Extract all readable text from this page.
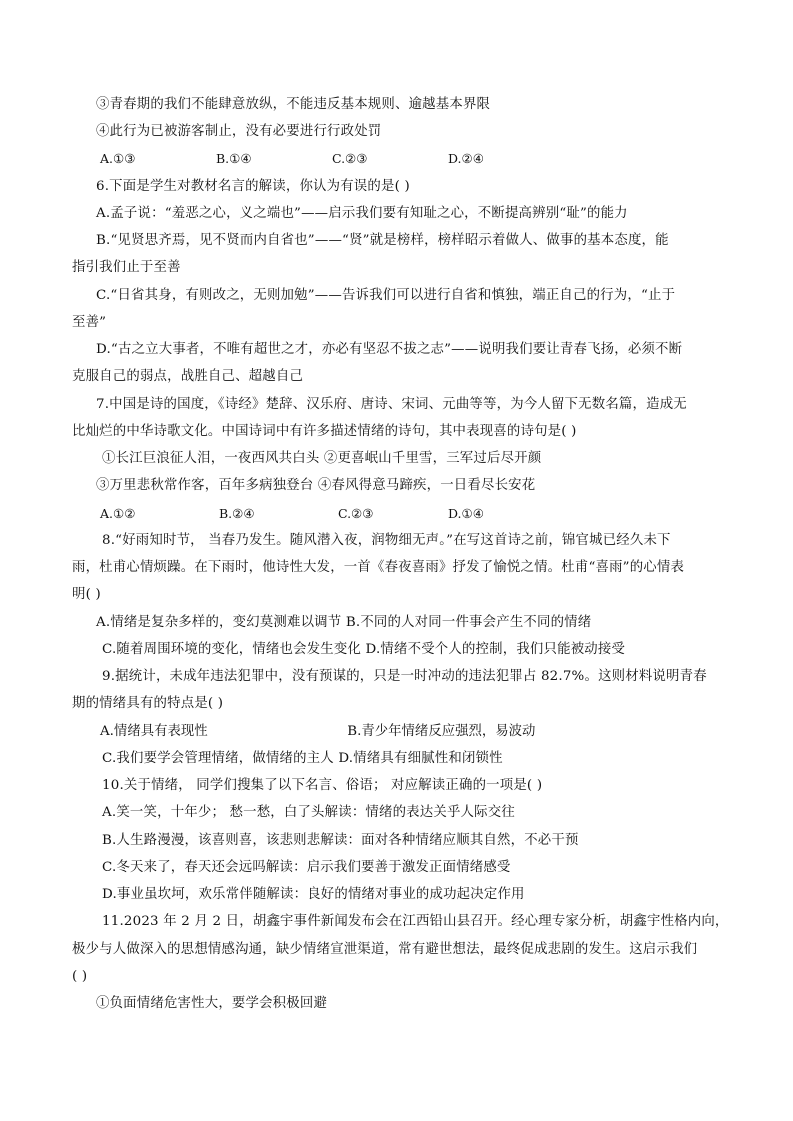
③青春期的我们不能肆意放纵，不能违反基本规则、逾越基本界限
④此行为已被游客制止，没有必要进行行政处罚
A.①③	B.①④	C.②③	D.②④
6.下面是学生对教材名言的解读，你认为有误的是( )
A.孟子说：“羞恶之心，义之端也”——启示我们要有知耻之心，不断提高辨别“耻”的能力
B.“见贤思齐焉，见不贤而内自省也”——“贤”就是榜样，榜样昭示着做人、做事的基本态度，能
指引我们止于至善
C.“日省其身，有则改之，无则加勉”——告诉我们可以进行自省和慎独，端正自己的行为，“止于
至善”
D.“古之立大事者，不唯有超世之才，亦必有坚忍不拔之志”——说明我们要让青春飞扬，必须不断
克服自己的弱点，战胜自己、超越自己
7.中国是诗的国度，《诗经》楚辞、汉乐府、唐诗、宋词、元曲等等，为今人留下无数名篇，造成无
比灿烂的中华诗歌文化。中国诗词中有许多描述情绪的诗句，其中表现喜的诗句是( )
①长江巨浪征人泪，一夜西风共白头 ②更喜岷山千里雪，三军过后尽开颜
③万里悲秋常作客，百年多病独登台 ④春风得意马蹄疾，一日看尽长安花
A.①②	B.②④	C.②③	D.①④
8.“好雨知时节， 当春乃发生。随风潜入夜，润物细无声。”在写这首诗之前，锦官城已经久未下
雨，杜甫心情烦躁。在下雨时，他诗性大发，一首《春夜喜雨》抒发了愉悦之情。杜甫“喜雨”的心情表
明( )
A.情绪是复杂多样的，变幻莫测难以调节 B.不同的人对同一件事会产生不同的情绪
C.随着周围环境的变化，情绪也会发生变化 D.情绪不受个人的控制，我们只能被动接受
9.据统计，未成年违法犯罪中，没有预谋的，只是一时冲动的违法犯罪占 82.7%。这则材料说明青春
期的情绪具有的特点是( )
A.情绪具有表现性	B.青少年情绪反应强烈，易波动
C.我们要学会管理情绪，做情绪的主人 D.情绪具有细腻性和闭锁性
10.关于情绪， 同学们搜集了以下名言、俗语； 对应解读正确的一项是( )
A.笑一笑，十年少； 愁一愁，白了头解读：情绪的表达关乎人际交往
B.人生路漫漫，该喜则喜，该悲则悲解读：面对各种情绪应顺其自然，不必干预
C.冬天来了，春天还会远吗解读：启示我们要善于激发正面情绪感受
D.事业虽坎坷，欢乐常伴随解读：良好的情绪对事业的成功起决定作用
11.2023 年 2 月 2 日，胡鑫宇事件新闻发布会在江西铅山县召开。经心理专家分析，胡鑫宇性格内向，
极少与人做深入的思想情感沟通，缺少情绪宣泄渠道，常有避世想法，最终促成悲剧的发生。这启示我们
( )
①负面情绪危害性大，要学会积极回避
